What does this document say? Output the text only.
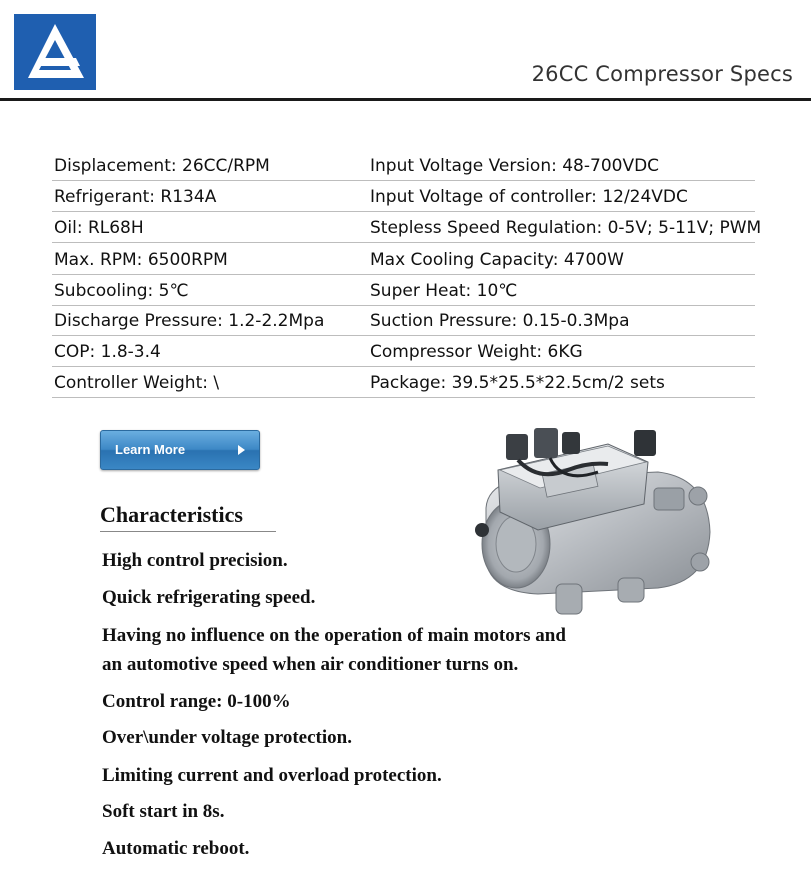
26CC Compressor Specs
Displacement: 26CC/RPM	Input Voltage Version: 48-700VDC
Refrigerant: R134A	Input Voltage of controller: 12/24VDC
Oil: RL68H	Stepless Speed Regulation: 0-5V; 5-11V; PWM
Max. RPM: 6500RPM	Max Cooling Capacity: 4700W
Subcooling: 5℃	Super Heat: 10℃
Discharge Pressure: 1.2-2.2Mpa	Suction Pressure: 0.15-0.3Mpa
COP: 1.8-3.4	Compressor Weight: 6KG
Controller Weight: \	Package: 39.5*25.5*22.5cm/2 sets
Learn More
Characteristics
High control precision.
Quick refrigerating speed.
Having no influence on the operation of main motors and
an automotive speed when air conditioner turns on.
Control range: 0-100%
Over\under voltage protection.
Limiting current and overload protection.
Soft start in 8s.
Automatic reboot.
